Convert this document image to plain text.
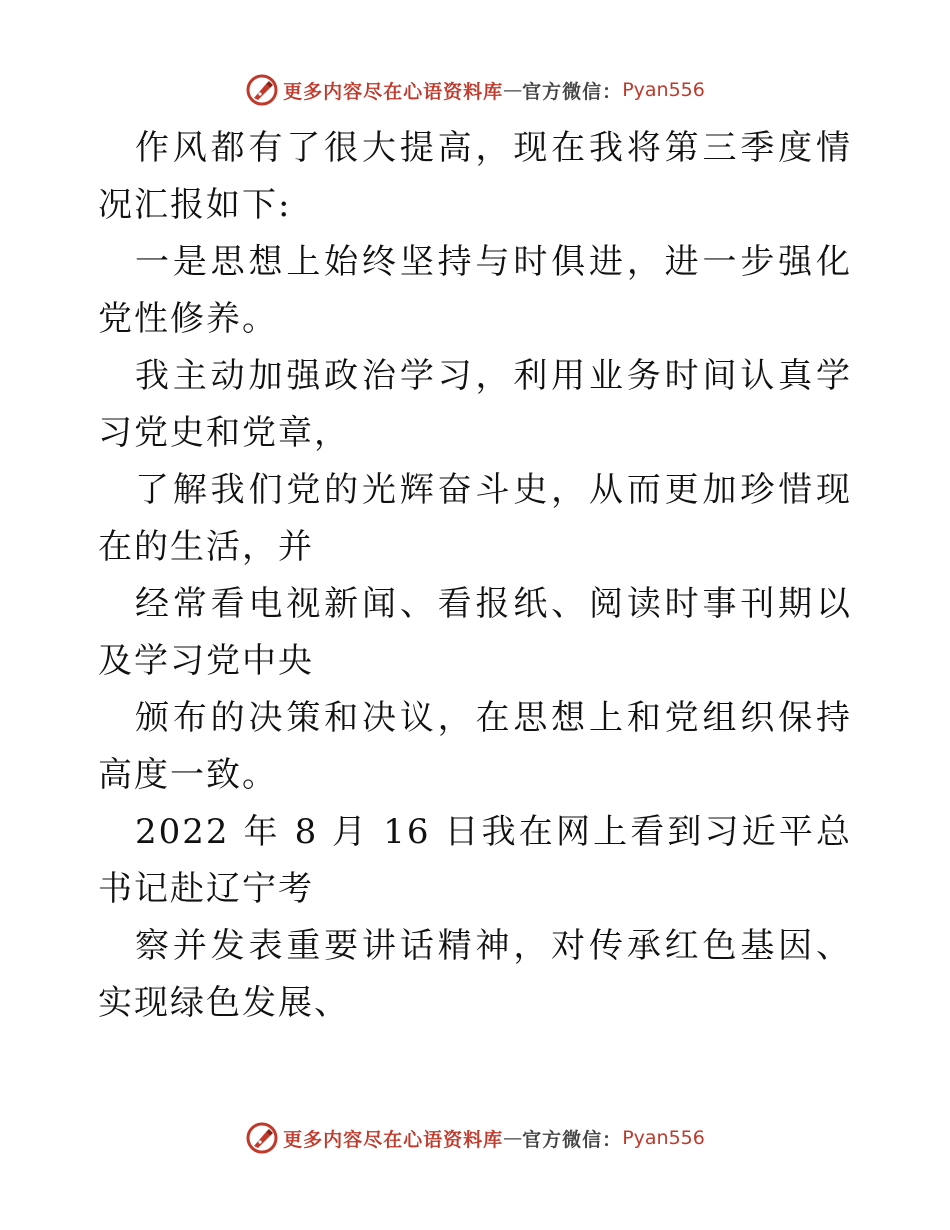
更多内容尽在心语资料库 — 官方微信： Pyan556

作风都有了很大提高，现在我将第三季度情况汇报如下:

一是思想上始终坚持与时俱进，进一步强化党性修养。

我主动加强政治学习，利用业务时间认真学习党史和党章，

了解我们党的光辉奋斗史，从而更加珍惜现在的生活，并

经常看电视新闻、看报纸、阅读时事刊期以及学习党中央

颁布的决策和决议，在思想上和党组织保持高度一致。

2022 年 8 月 16 日我在网上看到习近平总书记赴辽宁考

察并发表重要讲话精神，对传承红色基因、实现绿色发展、

更多内容尽在心语资料库 — 官方微信： Pyan556
